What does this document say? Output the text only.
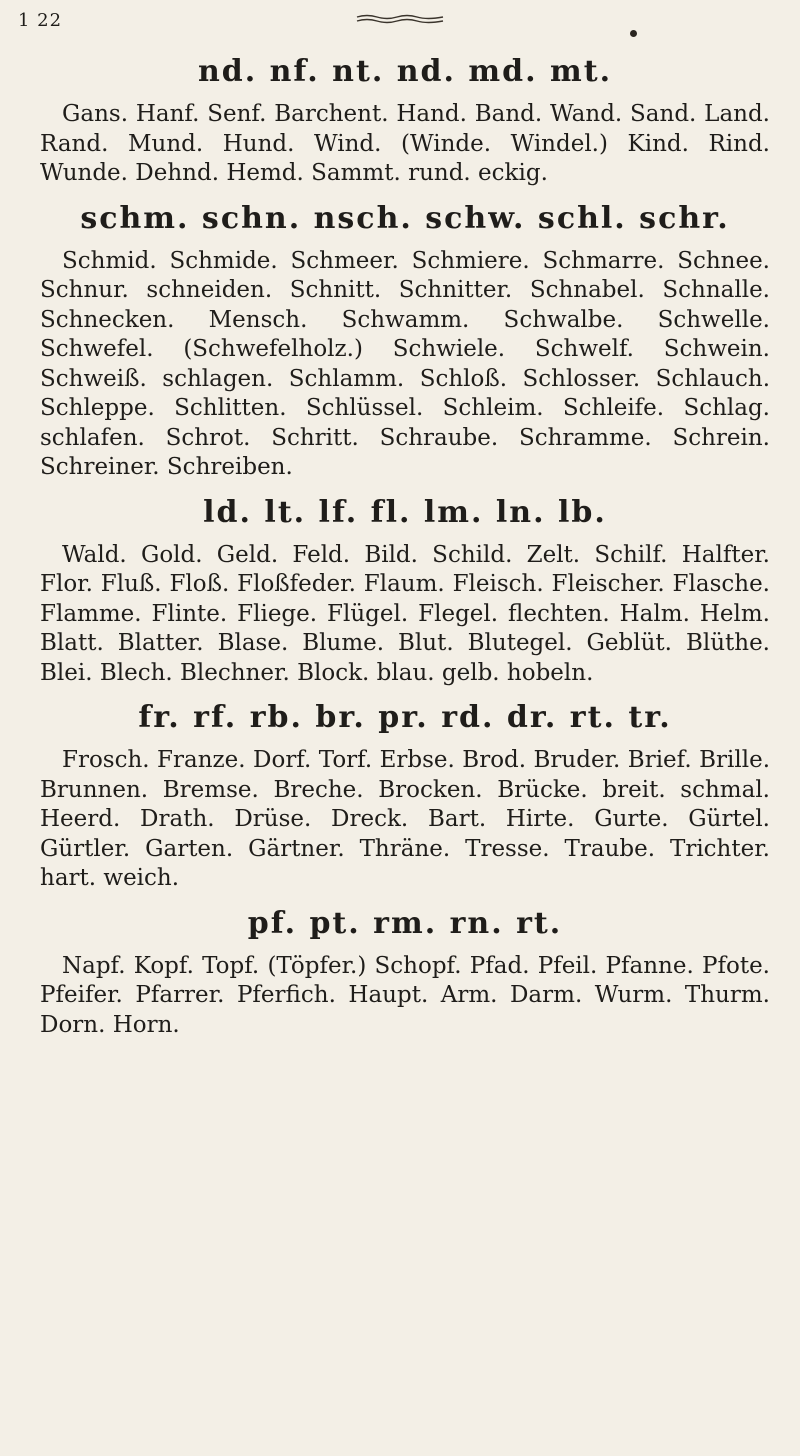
1 22
nd. nf. nt. nd. md. mt.
Gans. Hanf. Senf. Barchent. Hand. Band. Wand. Sand. Land. Rand. Mund. Hund. Wind. (Winde. Windel.) Kind. Rind. Wunde. Dehnd. Hemd. Sammt. rund. eckig.
schm. schn. nsch. schw. schl. schr.
Schmid. Schmide. Schmeer. Schmiere. Schmarre. Schnee. Schnur. schneiden. Schnitt. Schnitter. Schnabel. Schnalle. Schnecken. Mensch. Schwamm. Schwalbe. Schwelle. Schwefel. (Schwefelholz.) Schwiele. Schwelf. Schwein. Schweiß. schlagen. Schlamm. Schloß. Schlosser. Schlauch. Schleppe. Schlitten. Schlüssel. Schleim. Schleife. Schlag. schlafen. Schrot. Schritt. Schraube. Schramme. Schrein. Schreiner. Schreiben.
ld. lt. lf. fl. lm. ln. lb.
Wald. Gold. Geld. Feld. Bild. Schild. Zelt. Schilf. Halfter. Flor. Fluß. Floß. Floßfeder. Flaum. Fleisch. Fleischer. Flasche. Flamme. Flinte. Fliege. Flügel. Flegel. flechten. Halm. Helm. Blatt. Blatter. Blase. Blume. Blut. Blutegel. Geblüt. Blüthe. Blei. Blech. Blechner. Block. blau. gelb. hobeln.
fr. rf. rb. br. pr. rd. dr. rt. tr.
Frosch. Franze. Dorf. Torf. Erbse. Brod. Bruder. Brief. Brille. Brunnen. Bremse. Breche. Brocken. Brücke. breit. schmal. Heerd. Drath. Drüse. Dreck. Bart. Hirte. Gurte. Gürtel. Gürtler. Garten. Gärtner. Thräne. Tresse. Traube. Trichter. hart. weich.
pf. pt. rm. rn. rt.
Napf. Kopf. Topf. (Töpfer.) Schopf. Pfad. Pfeil. Pfanne. Pfote. Pfeifer. Pfarrer. Pferfich. Haupt. Arm. Darm. Wurm. Thurm. Dorn. Horn.
